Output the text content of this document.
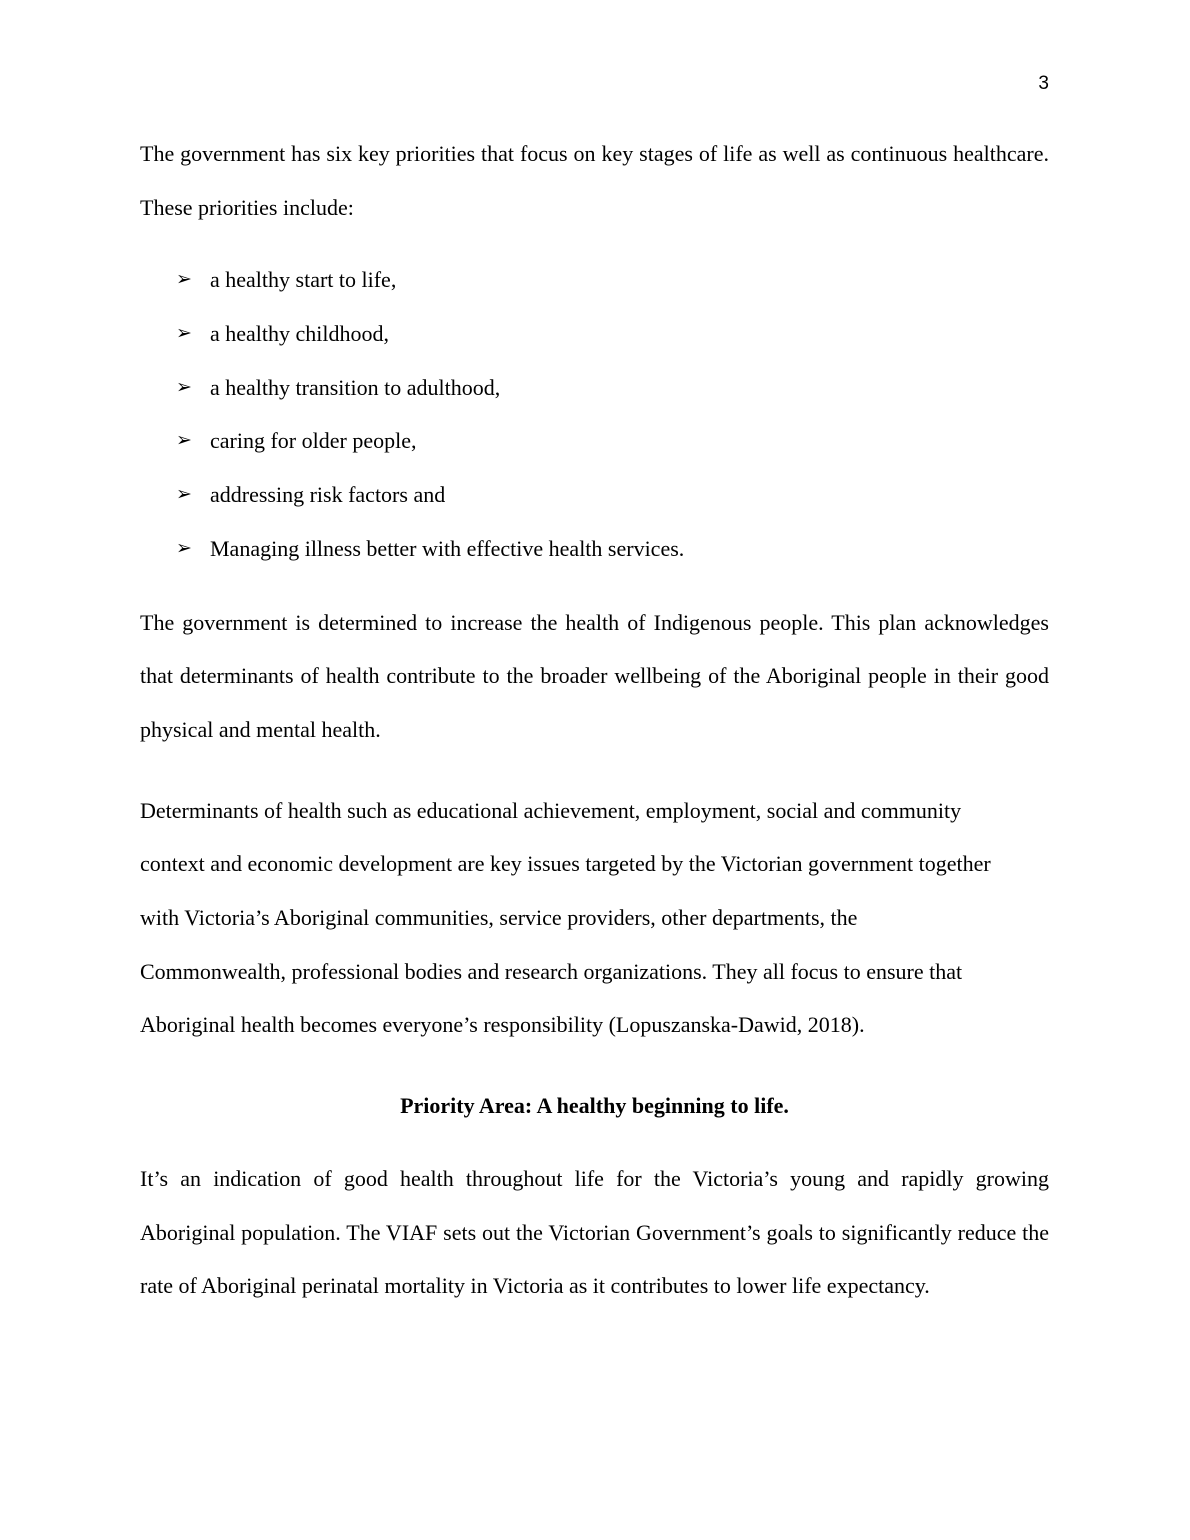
3

The government has six key priorities that focus on key stages of life as well as continuous healthcare. These priorities include:

➢ a healthy start to life,
➢ a healthy childhood,
➢ a healthy transition to adulthood,
➢ caring for older people,
➢ addressing risk factors and
➢ Managing illness better with effective health services.

The government is determined to increase the health of Indigenous people. This plan acknowledges that determinants of health contribute to the broader wellbeing of the Aboriginal people in their good physical and mental health.

Determinants of health such as educational achievement, employment, social and community
context and economic development are key issues targeted by the Victorian government together
with Victoria’s Aboriginal communities, service providers, other departments, the
Commonwealth, professional bodies and research organizations. They all focus to ensure that
Aboriginal health becomes everyone’s responsibility (Lopuszanska-Dawid, 2018).

Priority Area: A healthy beginning to life.

It’s an indication of good health throughout life for the Victoria’s young and rapidly growing Aboriginal population. The VIAF sets out the Victorian Government’s goals to significantly reduce the rate of Aboriginal perinatal mortality in Victoria as it contributes to lower life expectancy.
